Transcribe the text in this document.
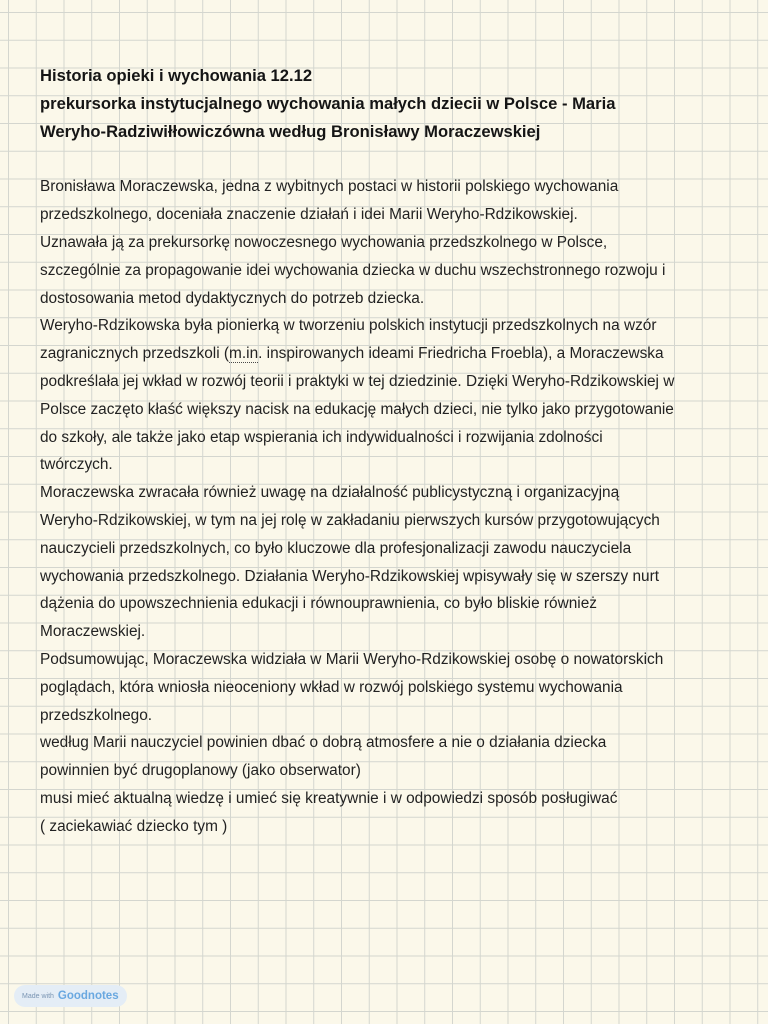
Historia opieki i wychowania 12.12
prekursorka instytucjalnego wychowania małych dziecii w Polsce - Maria
Weryho-Radziwiłłowiczówna według Bronisławy Moraczewskiej
Bronisława Moraczewska, jedna z wybitnych postaci w historii polskiego wychowania
przedszkolnego, doceniała znaczenie działań i idei Marii Weryho-Rdzikowskiej.
Uznawała ją za prekursorkę nowoczesnego wychowania przedszkolnego w Polsce,
szczególnie za propagowanie idei wychowania dziecka w duchu wszechstronnego rozwoju i
dostosowania metod dydaktycznych do potrzeb dziecka.
Weryho-Rdzikowska była pionierką w tworzeniu polskich instytucji przedszkolnych na wzór
zagranicznych przedszkoli (m.in. inspirowanych ideami Friedricha Froebla), a Moraczewska
podkreślała jej wkład w rozwój teorii i praktyki w tej dziedzinie. Dzięki Weryho-Rdzikowskiej w
Polsce zaczęto kłaść większy nacisk na edukację małych dzieci, nie tylko jako przygotowanie
do szkoły, ale także jako etap wspierania ich indywidualności i rozwijania zdolności
twórczych.
Moraczewska zwracała również uwagę na działalność publicystyczną i organizacyjną
Weryho-Rdzikowskiej, w tym na jej rolę w zakładaniu pierwszych kursów przygotowujących
nauczycieli przedszkolnych, co było kluczowe dla profesjonalizacji zawodu nauczyciela
wychowania przedszkolnego. Działania Weryho-Rdzikowskiej wpisywały się w szerszy nurt
dążenia do upowszechnienia edukacji i równouprawnienia, co było bliskie również
Moraczewskiej.
Podsumowując, Moraczewska widziała w Marii Weryho-Rdzikowskiej osobę o nowatorskich
poglądach, która wniosła nieoceniony wkład w rozwój polskiego systemu wychowania
przedszkolnego.
według Marii nauczyciel powinien dbać o dobrą atmosfere a nie o działania dziecka
powinnien być drugoplanowy (jako obserwator)
musi mieć aktualną wiedzę i umieć się kreatywnie i w odpowiedzi sposób posługiwać
( zaciekawiać dziecko tym )
Made with Goodnotes
